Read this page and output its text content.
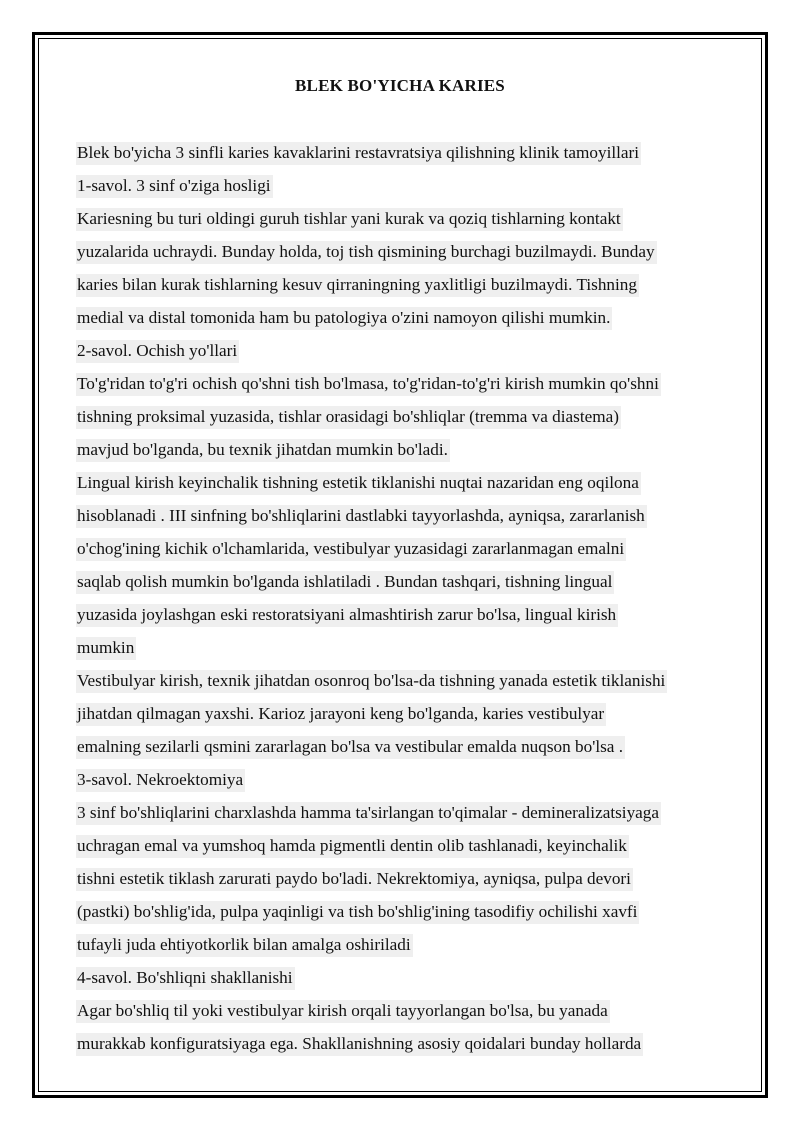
BLEK BO'YICHA KARIES
Blek bo'yicha 3 sinfli karies kavaklarini restavratsiya qilishning klinik tamoyillari
1-savol. 3 sinf o'ziga hosligi
Kariesning bu turi oldingi guruh tishlar yani kurak va qoziq tishlarning kontakt
yuzalarida uchraydi. Bunday holda, toj tish qismining burchagi buzilmaydi. Bunday
karies bilan kurak tishlarning kesuv qirraningning yaxlitligi buzilmaydi. Tishning
medial va distal tomonida ham bu patologiya o'zini namoyon qilishi mumkin.
2-savol. Ochish yo'llari
To'g'ridan to'g'ri ochish qo'shni tish bo'lmasa, to'g'ridan-to'g'ri kirish mumkin qo'shni
tishning proksimal yuzasida, tishlar orasidagi bo'shliqlar (tremma va diastema)
mavjud bo'lganda, bu texnik jihatdan mumkin bo'ladi.
Lingual kirish keyinchalik tishning estetik tiklanishi nuqtai nazaridan eng oqilona
hisoblanadi . III sinfning bo'shliqlarini dastlabki tayyorlashda, ayniqsa, zararlanish
o'chog'ining kichik o'lchamlarida, vestibulyar yuzasidagi zararlanmagan emalni
saqlab qolish mumkin bo'lganda ishlatiladi . Bundan tashqari, tishning lingual
yuzasida joylashgan eski restoratsiyani almashtirish zarur bo'lsa, lingual kirish
mumkin
Vestibulyar kirish, texnik jihatdan osonroq bo'lsa-da tishning yanada estetik tiklanishi
jihatdan qilmagan yaxshi. Karioz jarayoni keng bo'lganda, karies vestibulyar
emalning sezilarli qsmini zararlagan bo'lsa va vestibular emalda nuqson bo'lsa .
3-savol. Nekroektomiya
3 sinf bo'shliqlarini charxlashda hamma ta'sirlangan to'qimalar - demineralizatsiyaga
uchragan emal va yumshoq hamda pigmentli dentin olib tashlanadi, keyinchalik
tishni estetik tiklash zarurati paydo bo'ladi. Nekrektomiya, ayniqsa, pulpa devori
(pastki) bo'shlig'ida, pulpa yaqinligi va tish bo'shlig'ining tasodifiy ochilishi xavfi
tufayli juda ehtiyotkorlik bilan amalga oshiriladi
4-savol. Bo'shliqni shakllanishi
Agar bo'shliq til yoki vestibulyar kirish orqali tayyorlangan bo'lsa, bu yanada
murakkab konfiguratsiyaga ega. Shakllanishning asosiy qoidalari bunday hollarda
